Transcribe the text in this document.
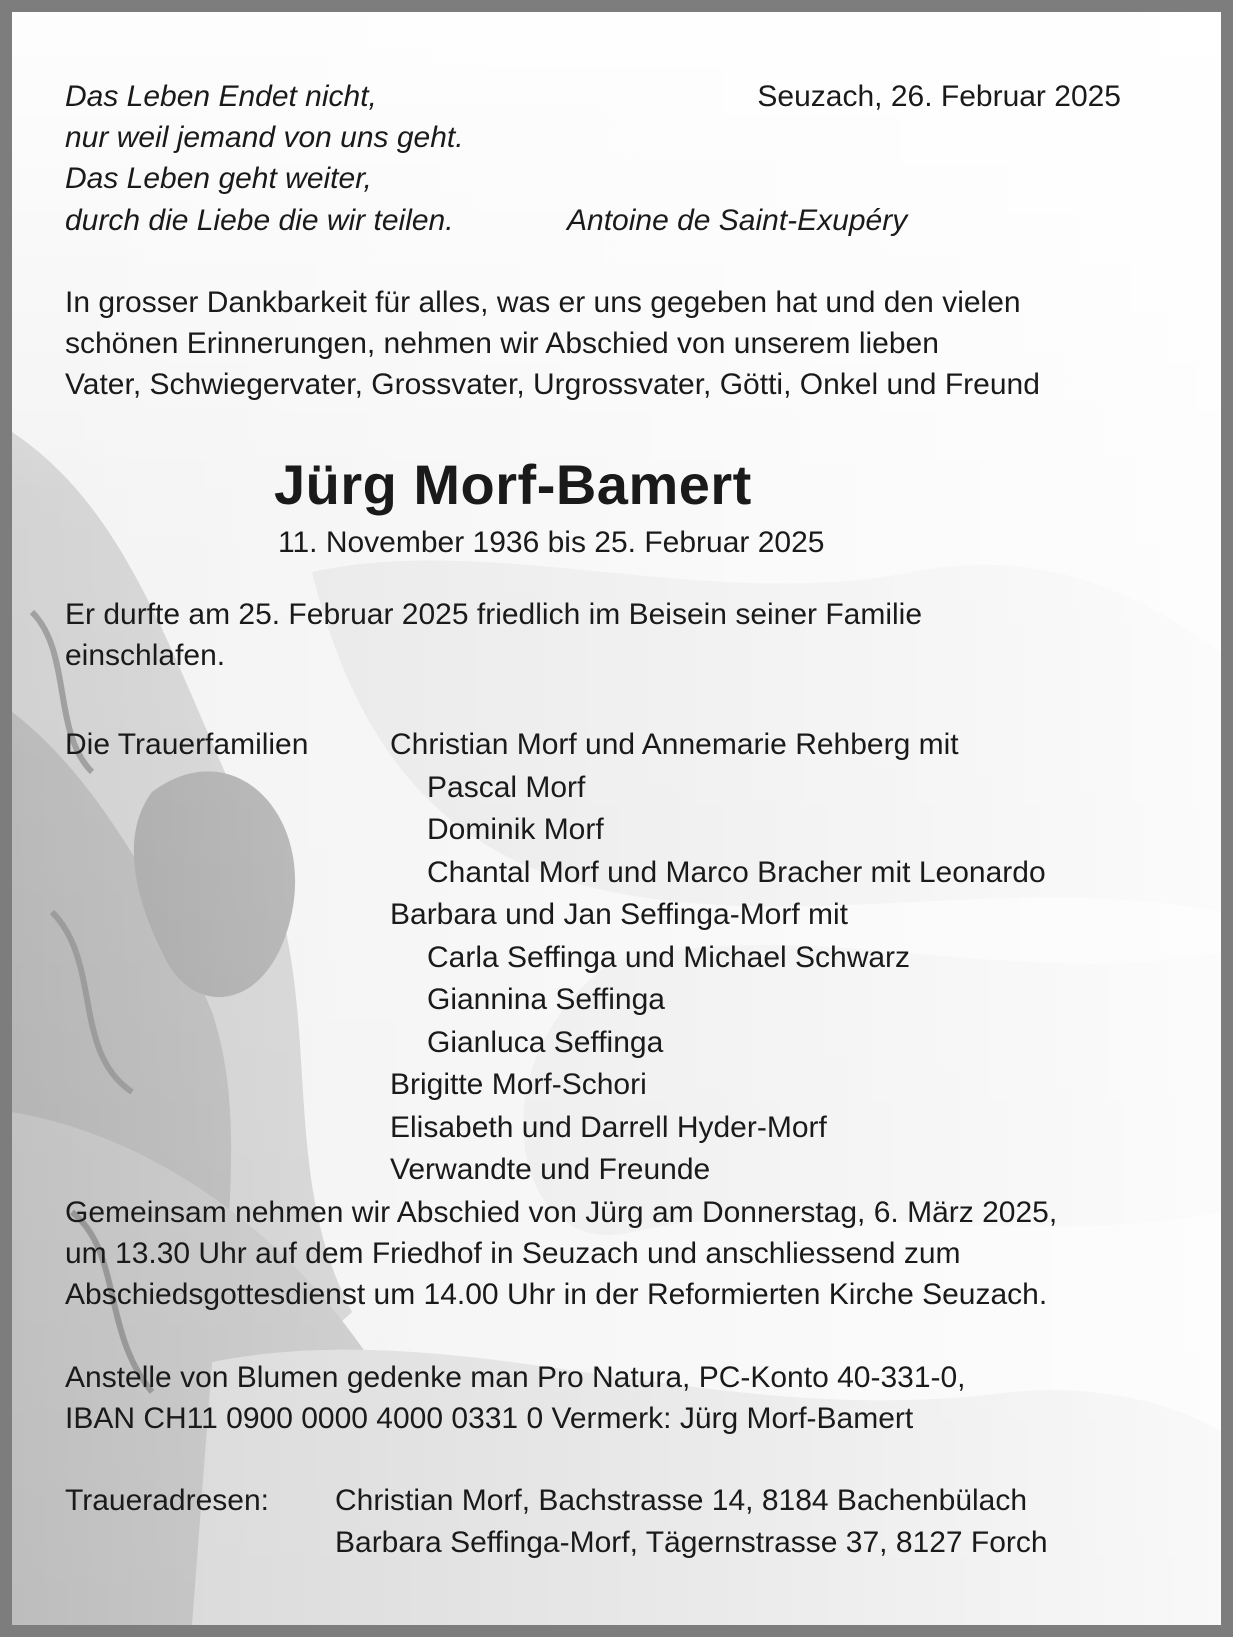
Das Leben Endet nicht,
nur weil jemand von uns geht.
Das Leben geht weiter,
durch die Liebe die wir teilen.	Antoine de Saint-Exupéry
Seuzach, 26. Februar 2025
In grosser Dankbarkeit für alles, was er uns gegeben hat und den vielen
schönen Erinnerungen, nehmen wir Abschied von unserem lieben
Vater, Schwiegervater, Grossvater, Urgrossvater, Götti, Onkel und Freund
Jürg Morf-Bamert
11. November 1936 bis 25. Februar 2025
Er durfte am 25. Februar 2025 friedlich im Beisein seiner Familie
einschlafen.
Die Trauerfamilien	Christian Morf und Annemarie Rehberg mit
Pascal Morf
Dominik Morf
Chantal Morf und Marco Bracher mit Leonardo
Barbara und Jan Seffinga-Morf mit
Carla Seffinga und Michael Schwarz
Giannina Seffinga
Gianluca Seffinga
Brigitte Morf-Schori
Elisabeth und Darrell Hyder-Morf
Verwandte und Freunde
Gemeinsam nehmen wir Abschied von Jürg am Donnerstag, 6. März 2025,
um 13.30 Uhr auf dem Friedhof in Seuzach und anschliessend zum
Abschiedsgottesdienst um 14.00 Uhr in der Reformierten Kirche Seuzach.
Anstelle von Blumen gedenke man Pro Natura, PC-Konto 40-331-0,
IBAN CH11 0900 0000 4000 0331 0 Vermerk: Jürg Morf-Bamert
Traueradresen: Christian Morf, Bachstrasse 14, 8184 Bachenbülach
Barbara Seffinga-Morf, Tägernstrasse 37, 8127 Forch
